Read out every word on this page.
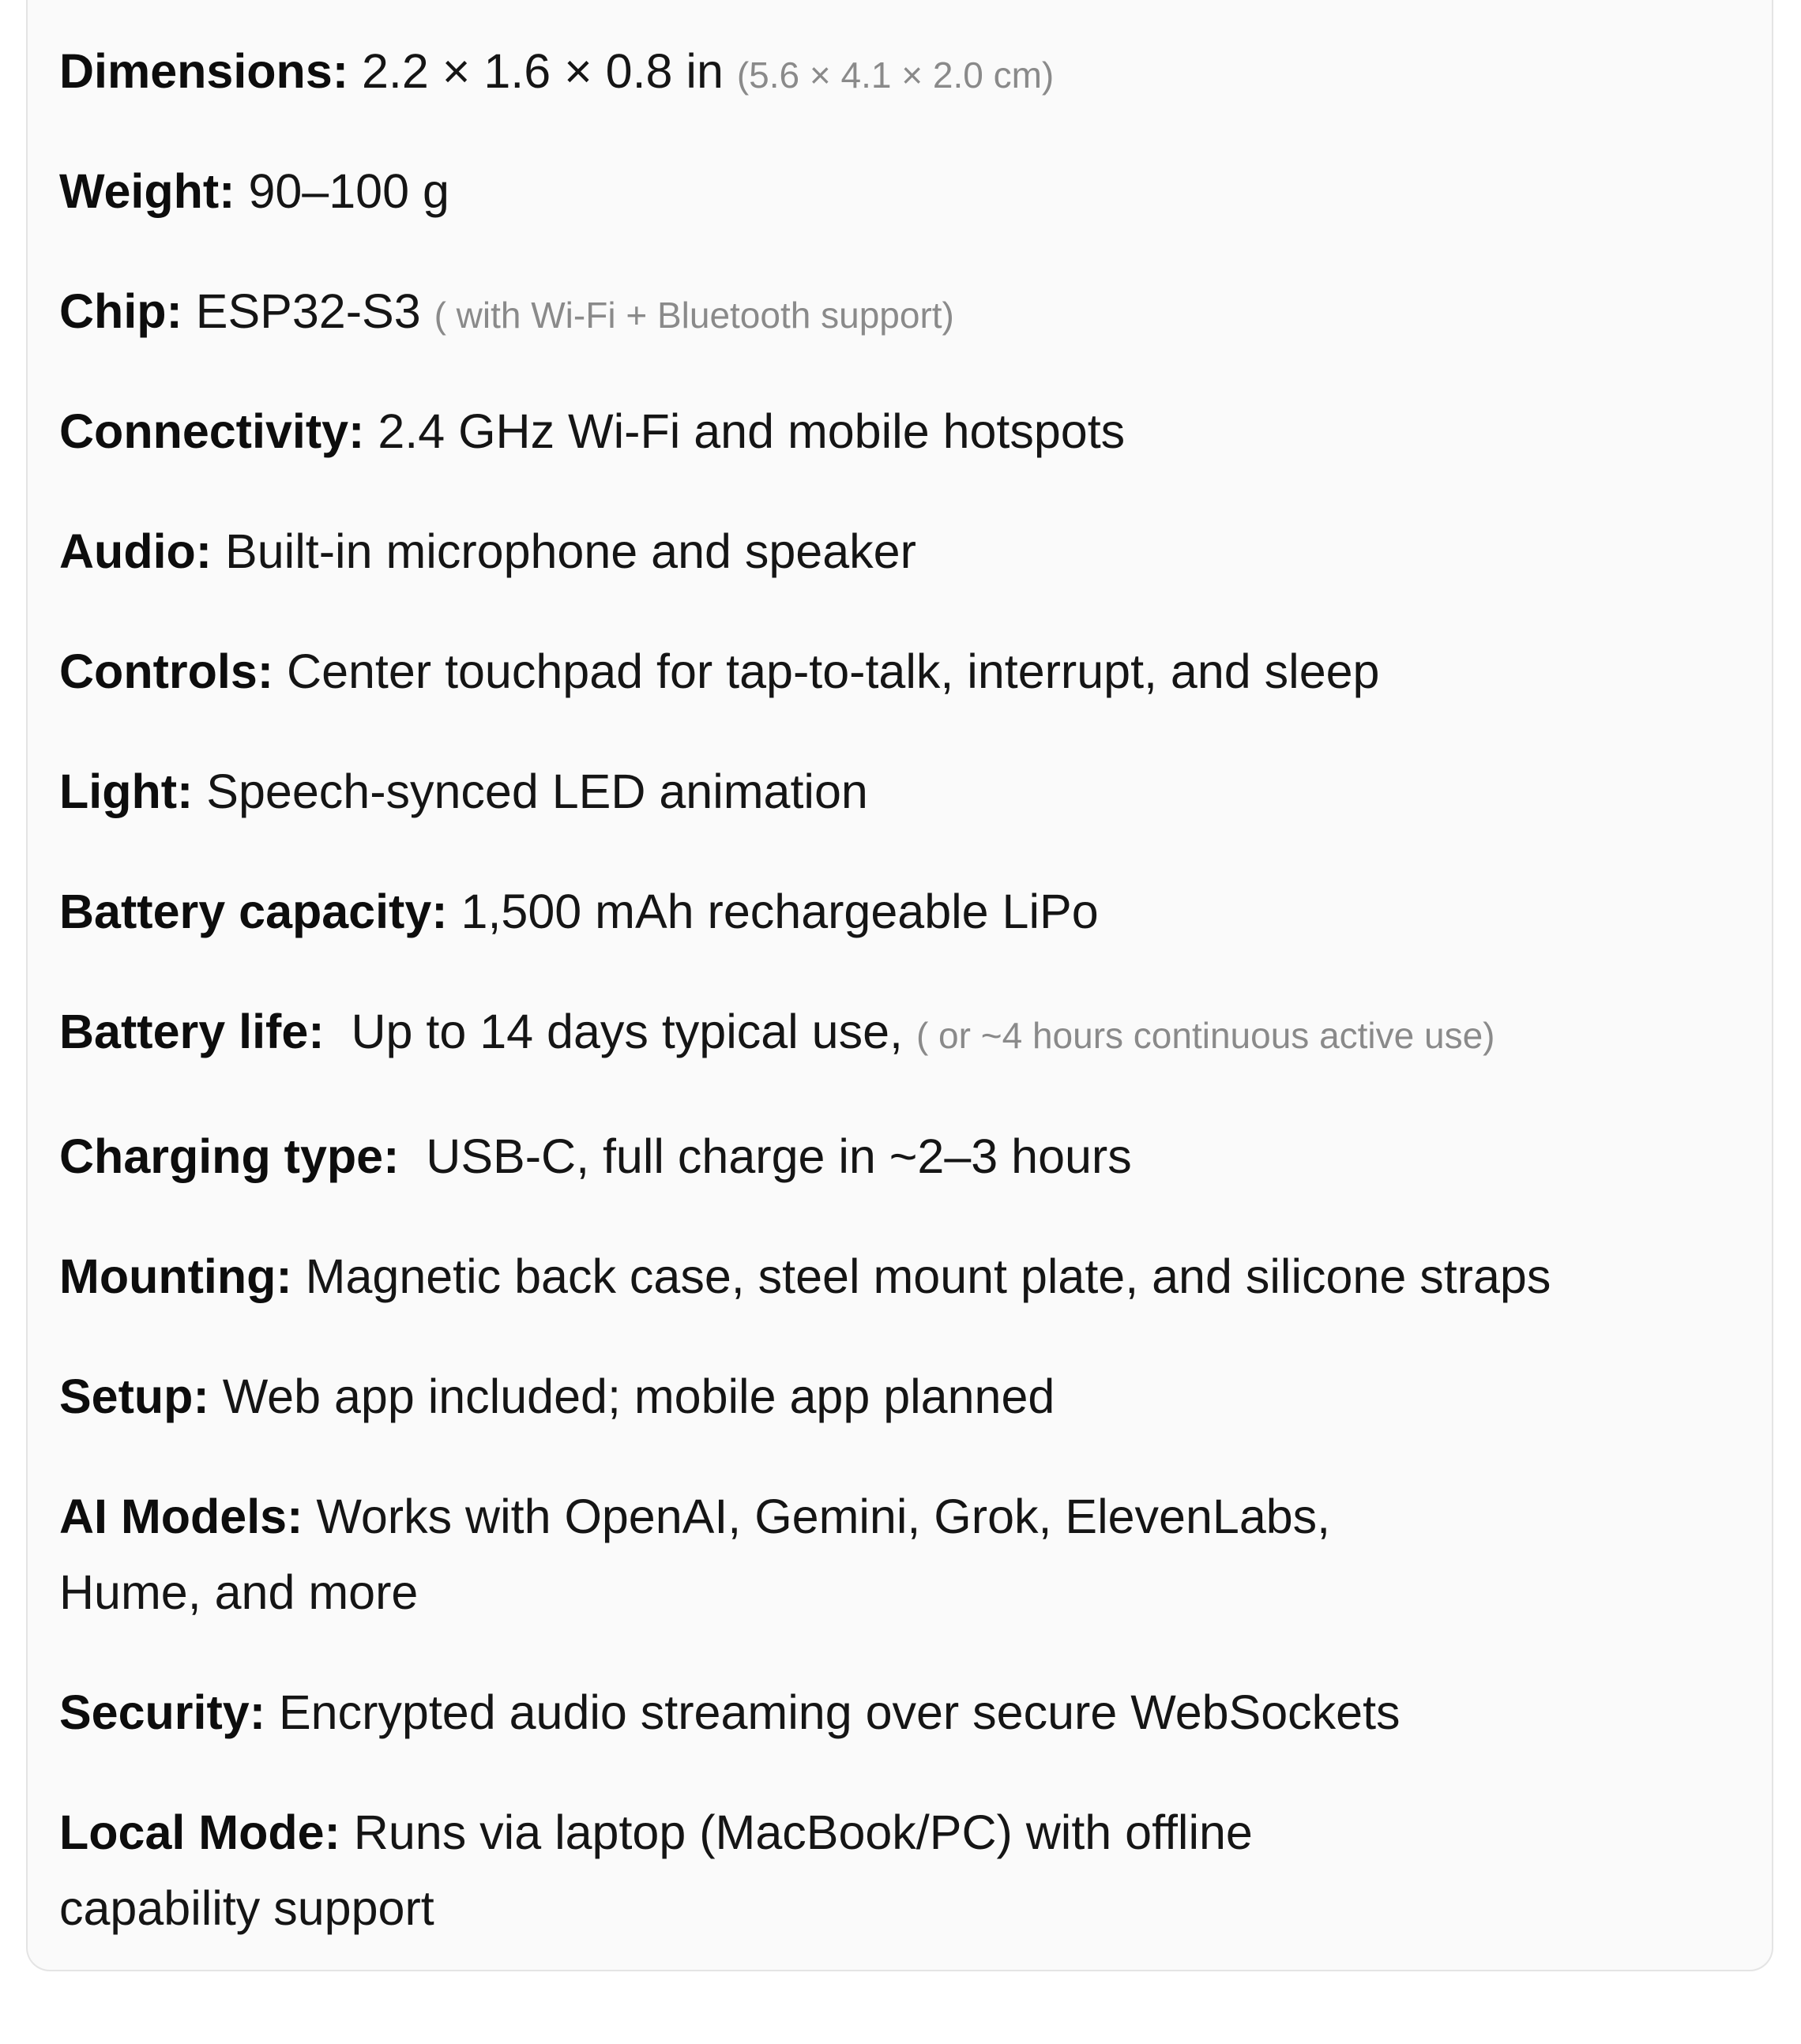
Dimensions: 2.2 × 1.6 × 0.8 in (5.6 × 4.1 × 2.0 cm)
Weight: 90–100 g
Chip: ESP32-S3 ( with Wi-Fi + Bluetooth support)
Connectivity: 2.4 GHz Wi-Fi and mobile hotspots
Audio: Built-in microphone and speaker
Controls: Center touchpad for tap-to-talk, interrupt, and sleep
Light: Speech-synced LED animation
Battery capacity: 1,500 mAh rechargeable LiPo
Battery life:  Up to 14 days typical use, ( or ~4 hours continuous active use)
Charging type:  USB-C, full charge in ~2–3 hours
Mounting: Magnetic back case, steel mount plate, and silicone straps
Setup: Web app included; mobile app planned
AI Models: Works with OpenAI, Gemini, Grok, ElevenLabs,
Hume, and more
Security: Encrypted audio streaming over secure WebSockets
Local Mode: Runs via laptop (MacBook/PC) with offline
capability support
